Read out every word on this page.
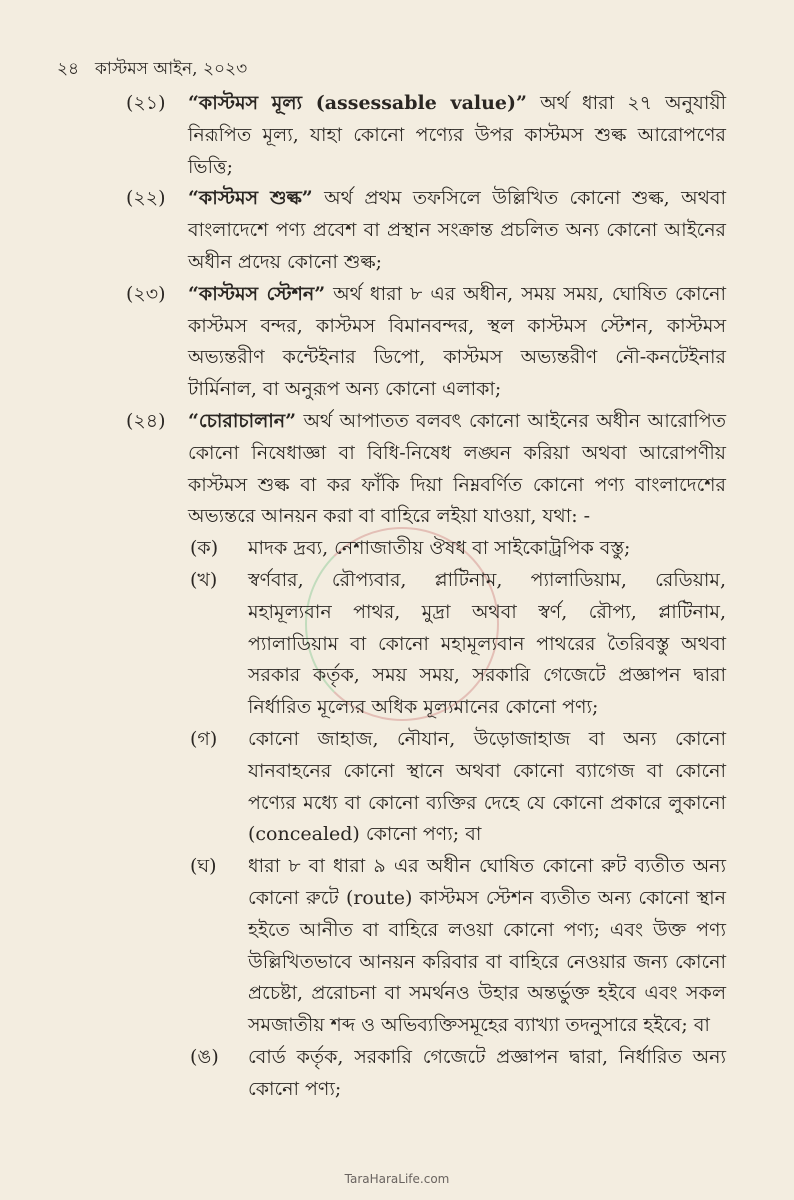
২৪ কাস্টমস আইন, ২০২৩
(২১) “কাস্টমস মূল্য (assessable value)” অর্থ ধারা ২৭ অনুযায়ী নিরূপিত মূল্য, যাহা কোনো পণ্যের উপর কাস্টমস শুল্ক আরোপণের ভিত্তি;
(২২) “কাস্টমস শুল্ক” অর্থ প্রথম তফসিলে উল্লিখিত কোনো শুল্ক, অথবা বাংলাদেশে পণ্য প্রবেশ বা প্রস্থান সংক্রান্ত প্রচলিত অন্য কোনো আইনের অধীন প্রদেয় কোনো শুল্ক;
(২৩) “কাস্টমস স্টেশন” অর্থ ধারা ৮ এর অধীন, সময় সময়, ঘোষিত কোনো কাস্টমস বন্দর, কাস্টমস বিমানবন্দর, স্থল কাস্টমস স্টেশন, কাস্টমস অভ্যন্তরীণ কন্টেইনার ডিপো, কাস্টমস অভ্যন্তরীণ নৌ-কনটেইনার টার্মিনাল, বা অনুরূপ অন্য কোনো এলাকা;
(২৪) “চোরাচালান” অর্থ আপাতত বলবৎ কোনো আইনের অধীন আরোপিত কোনো নিষেধাজ্ঞা বা বিধি-নিষেধ লঙ্ঘন করিয়া অথবা আরোপণীয় কাস্টমস শুল্ক বা কর ফাঁকি দিয়া নিম্নবর্ণিত কোনো পণ্য বাংলাদেশের অভ্যন্তরে আনয়ন করা বা বাহিরে লইয়া যাওয়া, যথা: -
(ক) মাদক দ্রব্য, নেশাজাতীয় ঔষধ বা সাইকোট্রপিক বস্তু;
(খ) স্বর্ণবার, রৌপ্যবার, প্লাটিনাম, প্যালাডিয়াম, রেডিয়াম, মহামূল্যবান পাথর, মুদ্রা অথবা স্বর্ণ, রৌপ্য, প্লাটিনাম, প্যালাডিয়াম বা কোনো মহামূল্যবান পাথরের তৈরিবস্তু অথবা সরকার কর্তৃক, সময় সময়, সরকারি গেজেটে প্রজ্ঞাপন দ্বারা নির্ধারিত মূল্যের অধিক মূল্যমানের কোনো পণ্য;
(গ) কোনো জাহাজ, নৌযান, উড়োজাহাজ বা অন্য কোনো যানবাহনের কোনো স্থানে অথবা কোনো ব্যাগেজ বা কোনো পণ্যের মধ্যে বা কোনো ব্যক্তির দেহে যে কোনো প্রকারে লুকানো (concealed) কোনো পণ্য; বা
(ঘ) ধারা ৮ বা ধারা ৯ এর অধীন ঘোষিত কোনো রুট ব্যতীত অন্য কোনো রুটে (route) কাস্টমস স্টেশন ব্যতীত অন্য কোনো স্থান হইতে আনীত বা বাহিরে লওয়া কোনো পণ্য; এবং উক্ত পণ্য উল্লিখিতভাবে আনয়ন করিবার বা বাহিরে নেওয়ার জন্য কোনো প্রচেষ্টা, প্ররোচনা বা সমর্থনও উহার অন্তর্ভুক্ত হইবে এবং সকল সমজাতীয় শব্দ ও অভিব্যক্তিসমূহের ব্যাখ্যা তদনুসারে হইবে; বা
(ঙ) বোর্ড কর্তৃক, সরকারি গেজেটে প্রজ্ঞাপন দ্বারা, নির্ধারিত অন্য কোনো পণ্য;
TaraHaraLife.com
